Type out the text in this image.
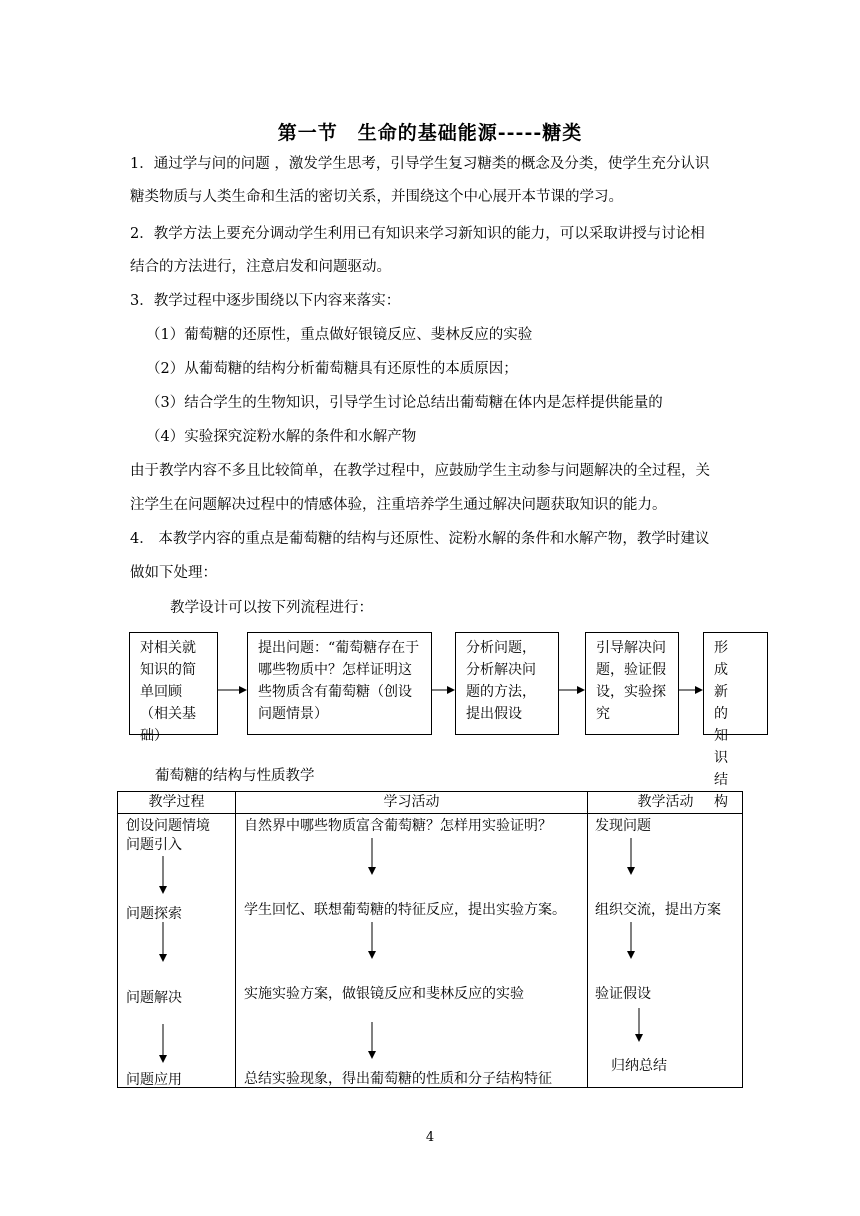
第一节　生命的基础能源-----糖类
1．通过学与问的问题 ，激发学生思考，引导学生复习糖类的概念及分类，使学生充分认识
糖类物质与人类生命和生活的密切关系，并围绕这个中心展开本节课的学习。
2．教学方法上要充分调动学生利用已有知识来学习新知识的能力，可以采取讲授与讨论相
结合的方法进行，注意启发和问题驱动。
3．教学过程中逐步围绕以下内容来落实：
（1）葡萄糖的还原性，重点做好银镜反应、斐林反应的实验
（2）从葡萄糖的结构分析葡萄糖具有还原性的本质原因；
（3）结合学生的生物知识，引导学生讨论总结出葡萄糖在体内是怎样提供能量的
（4）实验探究淀粉水解的条件和水解产物
由于教学内容不多且比较简单，在教学过程中，应鼓励学生主动参与问题解决的全过程，关
注学生在问题解决过程中的情感体验，注重培养学生通过解决问题获取知识的能力。
4． 本教学内容的重点是葡萄糖的结构与还原性、淀粉水解的条件和水解产物，教学时建议
做如下处理：
教学设计可以按下列流程进行：
对相关就知识的简单回顾（相关基础）
提出问题：“葡萄糖存在于哪些物质中？怎样证明这些物质含有葡萄糖（创设问题情景）
分析问题，分析解决问题的方法，提出假设
引导解决问题，验证假设，实验探究
形成新的知识结构
葡萄糖的结构与性质教学
教学过程	学习活动	教学活动
创设问题情境
问题引入
问题探索
问题解决
问题应用
自然界中哪些物质富含葡萄糖？怎样用实验证明？
学生回忆、联想葡萄糖的特征反应，提出实验方案。
实施实验方案，做银镜反应和斐林反应的实验
总结实验现象，得出葡萄糖的性质和分子结构特征
发现问题
组织交流，提出方案
验证假设
归纳总结
4
